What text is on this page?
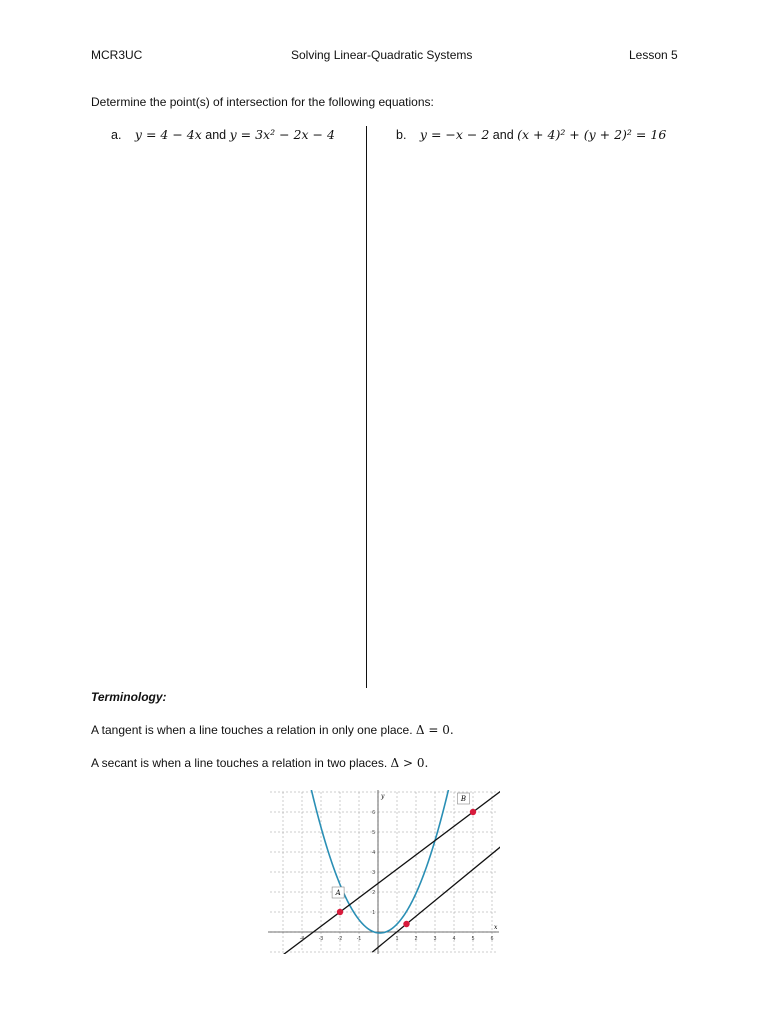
MCR3UC	Solving Linear-Quadratic Systems	Lesson 5
Determine the point(s) of intersection for the following equations:
a. y = 4 − 4x and y = 3x² − 2x − 4	b. y = −x − 2 and (x + 4)² + (y + 2)² = 16
Terminology:
A tangent is when a line touches a relation in only one place. Δ = 0.
A secant is when a line touches a relation in two places. Δ > 0.
-4	-3	-2	-1	1	2	3	4	5	6
1
2
3
4
5
6
x
y
A
B
